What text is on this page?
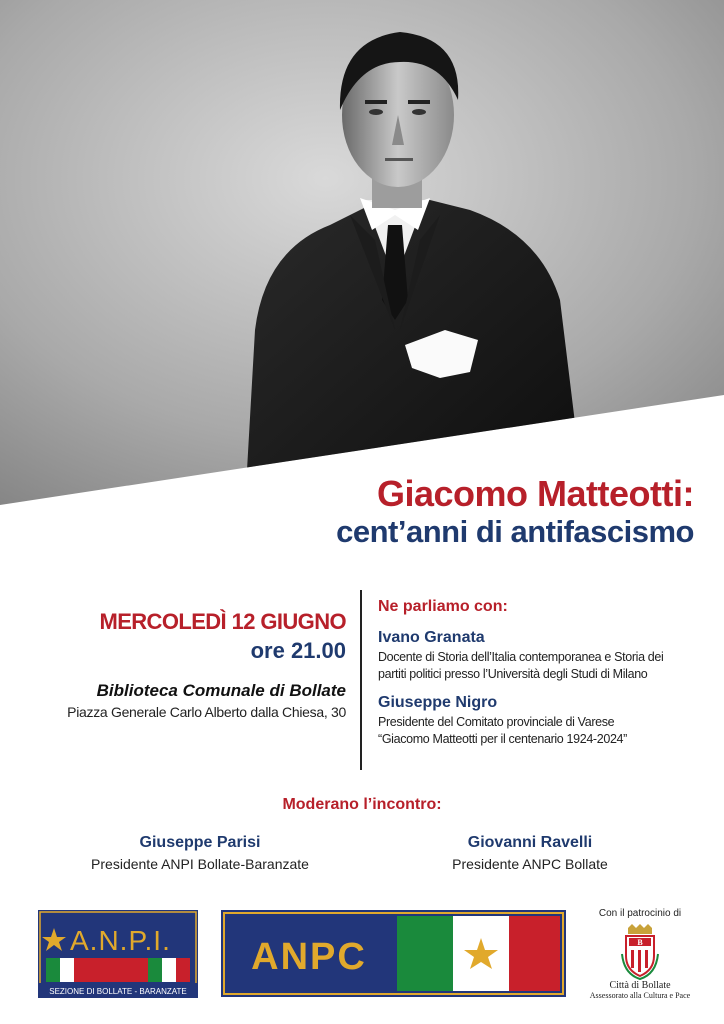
Giacomo Matteotti:
cent’anni di antifascismo
MERCOLEDÌ 12 GIUGNO
ore 21.00
Biblioteca Comunale di Bollate
Piazza Generale Carlo Alberto dalla Chiesa, 30
Ne parliamo con:
Ivano Granata
Docente di Storia dell’Italia contemporanea e Storia dei
partiti politici presso l’Università degli Studi di Milano
Giuseppe Nigro
Presidente del Comitato provinciale di Varese
“Giacomo Matteotti per il centenario 1924-2024”
Moderano l’incontro:
Giuseppe Parisi
Presidente ANPI Bollate-Baranzate
Giovanni Ravelli
Presidente ANPC Bollate
A.N.P.I.
SEZIONE DI BOLLATE - BARANZATE
ANPC
Con il patrocinio di
B
Città di Bollate
Assessorato alla Cultura e Pace
